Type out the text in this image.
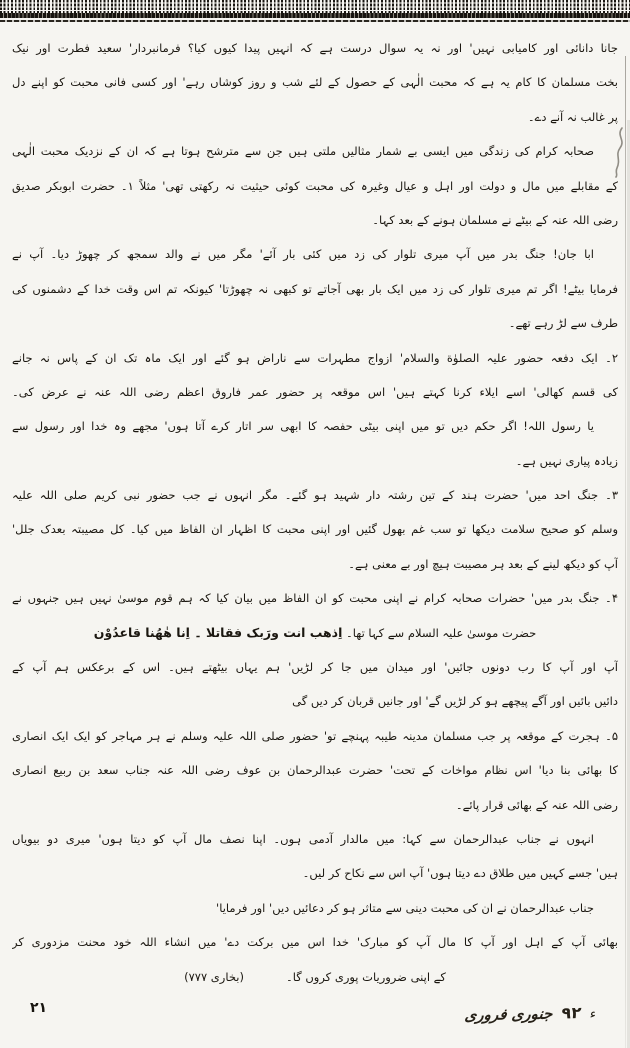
جانا دانائی اور کامیابی نہیں' اور نہ یہ سوال درست ہے کہ انہیں پیدا کیوں کیا؟ فرمانبردار' سعید فطرت اور نیک
بخت مسلمان کا کام یہ ہے کہ محبت الٰہی کے حصول کے لئے شب و روز کوشاں رہے' اور کسی فانی محبت کو اپنے دل
پر غالب نہ آنے دے۔
صحابہ کرام کی زندگی میں ایسی بے شمار مثالیں ملتی ہیں جن سے مترشح ہوتا ہے کہ ان کے نزدیک محبت الٰہی
کے مقابلے میں مال و دولت اور اہل و عیال وغیرہ کی محبت کوئی حیثیت نہ رکھتی تھی' مثلاً ۱۔ حضرت ابوبکر صدیق
رضی اللہ عنہ کے بیٹے نے مسلمان ہونے کے بعد کہا۔
ابا جان! جنگ بدر میں آپ میری تلوار کی زد میں کئی بار آئے' مگر میں نے والد سمجھ کر چھوڑ دیا۔ آپ نے
فرمایا بیٹے! اگر تم میری تلوار کی زد میں ایک بار بھی آجاتے تو کبھی نہ چھوڑتا' کیونکہ تم اس وقت خدا کے دشمنوں کی
طرف سے لڑ رہے تھے۔
۲۔ ایک دفعہ حضور علیہ الصلوٰة والسلام' ازواج مطہرات سے ناراض ہو گئے اور ایک ماہ تک ان کے پاس نہ جانے
کی قسم کھالی' اسے ایلاء کرنا کہتے ہیں' اس موقعہ پر حضور عمر فاروق اعظم رضی اللہ عنہ نے عرض کی۔
یا رسول اللہ! اگر حکم دیں تو میں اپنی بیٹی حفصہ کا ابھی سر اتار کرے آتا ہوں' مجھے وہ خدا اور رسول سے
زیادہ پیاری نہیں ہے۔
۳۔ جنگ احد میں' حضرت ہند کے تین رشتہ دار شہید ہو گئے۔ مگر انہوں نے جب حضور نبی کریم صلی اللہ علیہ
وسلم کو صحیح سلامت دیکھا تو سب غم بھول گئیں اور اپنی محبت کا اظہار ان الفاظ میں کیا۔ کل مصیبتہ بعدک جلل'
آپ کو دیکھ لینے کے بعد ہر مصیبت ہیچ اور بے معنی ہے۔
۴۔ جنگ بدر میں' حضرات صحابہ کرام نے اپنی محبت کو ان الفاظ میں بیان کیا کہ ہم قوم موسیٰ نہیں ہیں جنہوں نے
حضرت موسیٰ علیہ السلام سے کہا تھا۔ اِذھب انت ورَبک فقاتلا ۔ اِنا ھٰھُنا قاعدُوْن
آپ اور آپ کا رب دونوں جائیں' اور میدان میں جا کر لڑیں' ہم یہاں بیٹھتے ہیں۔ اس کے برعکس ہم آپ کے
دائیں بائیں اور آگے پیچھے ہو کر لڑیں گے' اور جانیں قربان کر دیں گی
۵۔ ہجرت کے موقعہ پر جب مسلمان مدینہ طیبہ پہنچے تو' حضور صلی اللہ علیہ وسلم نے ہر مہاجر کو ایک ایک انصاری
کا بھائی بنا دیا' اس نظام مواخات کے تحت' حضرت عبدالرحمان بن عوف رضی اللہ عنہ جناب سعد بن ربیع انصاری
رضی اللہ عنہ کے بھائی قرار پائے۔
انہوں نے جناب عبدالرحمان سے کہا: میں مالدار آدمی ہوں۔ اپنا نصف مال آپ کو دیتا ہوں' میری دو بیویاں
ہیں' جسے کہیں میں طلاق دے دیتا ہوں' آپ اس سے نکاح کر لیں۔
جناب عبدالرحمان نے ان کی محبت دینی سے متاثر ہو کر دعائیں دیں' اور فرمایا'
بھائی آپ کے اہل اور آپ کا مال آپ کو مبارک' خدا اس میں برکت دے' میں انشاء اللہ خود محنت مزدوری کر
کے اپنی ضروریات پوری کروں گا۔(بخاری ۷۷۷)
۲۱	جنوری فروری ۹۲ ء
